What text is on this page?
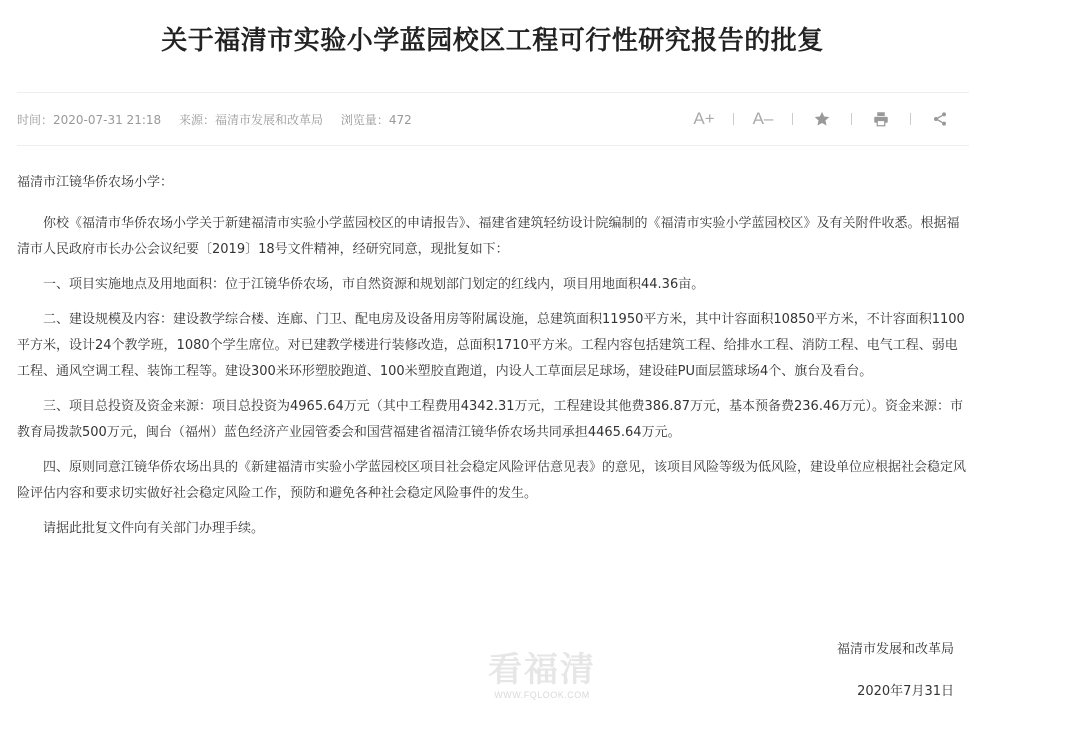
关于福清市实验小学蓝园校区工程可行性研究报告的批复
时间：2020-07-31 21:18 来源：福清市发展和改革局 浏览量：472	A+ A–

福清市江镜华侨农场小学：

你校《福清市华侨农场小学关于新建福清市实验小学蓝园校区的申请报告》、福建省建筑轻纺设计院编制的《福清市实验小学蓝园校区》及有关附件收悉。根据福清市人民政府市长办公会议纪要〔2019〕18号文件精神，经研究同意，现批复如下：

一、项目实施地点及用地面积：位于江镜华侨农场，市自然资源和规划部门划定的红线内，项目用地面积44.36亩。

二、建设规模及内容：建设教学综合楼、连廊、门卫、配电房及设备用房等附属设施，总建筑面积11950平方米，其中计容面积10850平方米，不计容面积1100平方米，设计24个教学班，1080个学生席位。对已建教学楼进行装修改造，总面积1710平方米。工程内容包括建筑工程、给排水工程、消防工程、电气工程、弱电工程、通风空调工程、装饰工程等。建设300米环形塑胶跑道、100米塑胶直跑道，内设人工草面层足球场，建设硅PU面层篮球场4个、旗台及看台。

三、项目总投资及资金来源：项目总投资为4965.64万元（其中工程费用4342.31万元，工程建设其他费386.87万元，基本预备费236.46万元）。资金来源：市教育局拨款500万元，闽台（福州）蓝色经济产业园管委会和国营福建省福清江镜华侨农场共同承担4465.64万元。

四、原则同意江镜华侨农场出具的《新建福清市实验小学蓝园校区项目社会稳定风险评估意见表》的意见，该项目风险等级为低风险，建设单位应根据社会稳定风险评估内容和要求切实做好社会稳定风险工作，预防和避免各种社会稳定风险事件的发生。

请据此批复文件向有关部门办理手续。

福清市发展和改革局
2020年7月31日
看福清
WWW.FQLOOK.COM
